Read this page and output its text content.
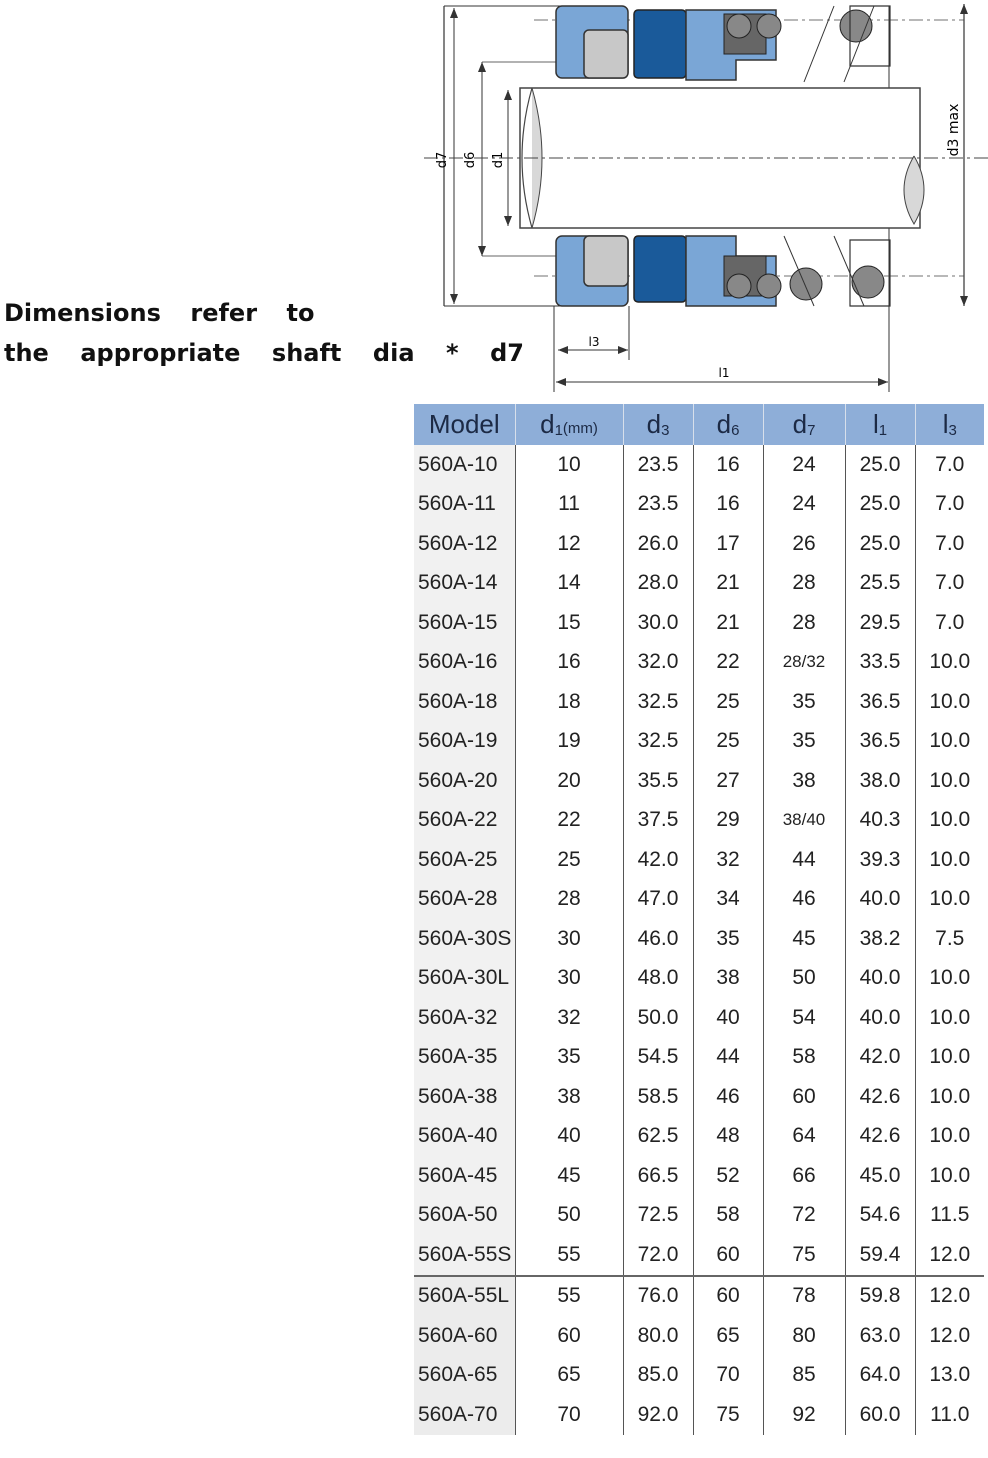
Dimensions refer to
the appropriate shaft dia * d7
d7 d6 d1
d3 max
l3
l1
Model	$d_1(mm)$	$d_3$	$d_6$	$d_7$	$l_1$	$l_3$
560A-10	10	23.5	16	24	25.0	7.0
560A-11	11	23.5	16	24	25.0	7.0
560A-12	12	26.0	17	26	25.0	7.0
560A-14	14	28.0	21	28	25.5	7.0
560A-15	15	30.0	21	28	29.5	7.0
560A-16	16	32.0	22	28/32	33.5	10.0
560A-18	18	32.5	25	35	36.5	10.0
560A-19	19	32.5	25	35	36.5	10.0
560A-20	20	35.5	27	38	38.0	10.0
560A-22	22	37.5	29	38/40	40.3	10.0
560A-25	25	42.0	32	44	39.3	10.0
560A-28	28	47.0	34	46	40.0	10.0
560A-30S	30	46.0	35	45	38.2	7.5
560A-30L	30	48.0	38	50	40.0	10.0
560A-32	32	50.0	40	54	40.0	10.0
560A-35	35	54.5	44	58	42.0	10.0
560A-38	38	58.5	46	60	42.6	10.0
560A-40	40	62.5	48	64	42.6	10.0
560A-45	45	66.5	52	66	45.0	10.0
560A-50	50	72.5	58	72	54.6	11.5
560A-55S	55	72.0	60	75	59.4	12.0
560A-55L	55	76.0	60	78	59.8	12.0
560A-60	60	80.0	65	80	63.0	12.0
560A-65	65	85.0	70	85	64.0	13.0
560A-70	70	92.0	75	92	60.0	11.0
